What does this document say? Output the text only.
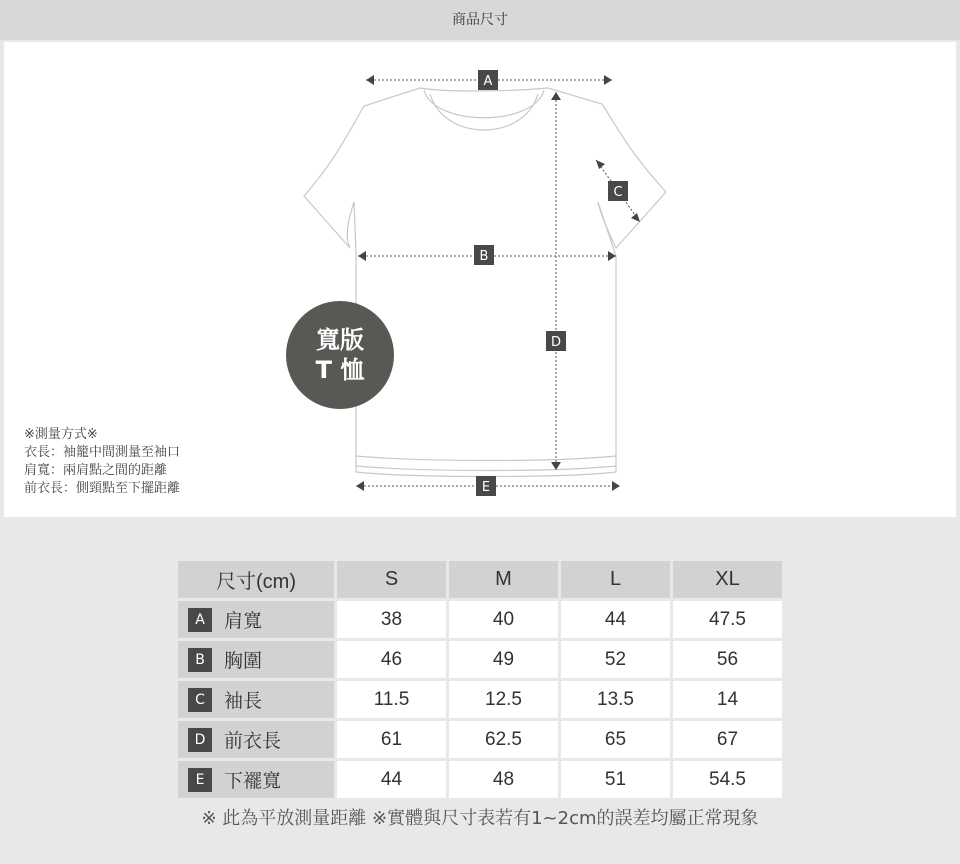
商品尺寸
A
B
C
D
E
寬版
T 恤
※測量方式※
衣長：袖籠中間測量至袖口
肩寬：兩肩點之間的距離
前衣長：側頸點至下擺距離
尺寸(cm)	S	M	L	XL

A 肩寬	38	40	44	47.5

B 胸圍	46	49	52	56

C 袖長	11.5	12.5	13.5	14

D 前衣長	61	62.5	65	67

E 下襬寬	44	48	51	54.5
※ 此為平放測量距離 ※實體與尺寸表若有1~2cm的誤差均屬正常現象
